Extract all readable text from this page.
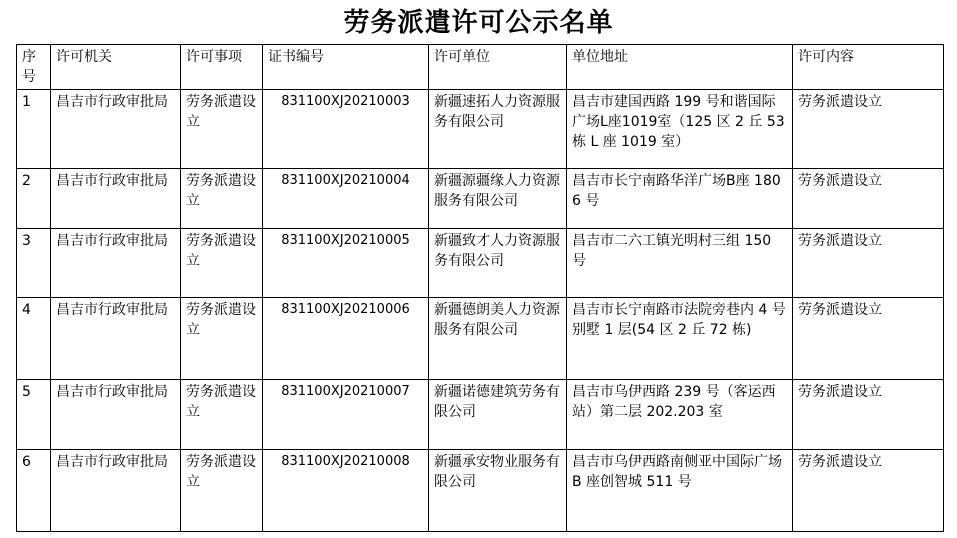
劳务派遣许可公示名单
序号	许可机关	许可事项	证书编号	许可单位	单位地址	许可内容
1	昌吉市行政审批局	劳务派遣设立	831100XJ20210003	新疆速拓人力资源服务有限公司	昌吉市建国西路 199 号和谐国际广场L座1019室（125 区 2 丘 53 栋 L 座 1019 室）	劳务派遣设立
2	昌吉市行政审批局	劳务派遣设立	831100XJ20210004	新疆源疆缘人力资源服务有限公司	昌吉市长宁南路华洋广场B座 1806 号	劳务派遣设立
3	昌吉市行政审批局	劳务派遣设立	831100XJ20210005	新疆致才人力资源服务有限公司	昌吉市二六工镇光明村三组 150 号	劳务派遣设立
4	昌吉市行政审批局	劳务派遣设立	831100XJ20210006	新疆德朗美人力资源服务有限公司	昌吉市长宁南路市法院旁巷内 4 号别墅 1 层(54 区 2 丘 72 栋)	劳务派遣设立
5	昌吉市行政审批局	劳务派遣设立	831100XJ20210007	新疆诺德建筑劳务有限公司	昌吉市乌伊西路 239 号（客运西站）第二层 202.203 室	劳务派遣设立
6	昌吉市行政审批局	劳务派遣设立	831100XJ20210008	新疆承安物业服务有限公司	昌吉市乌伊西路南侧亚中国际广场 B 座创智城 511 号	劳务派遣设立
